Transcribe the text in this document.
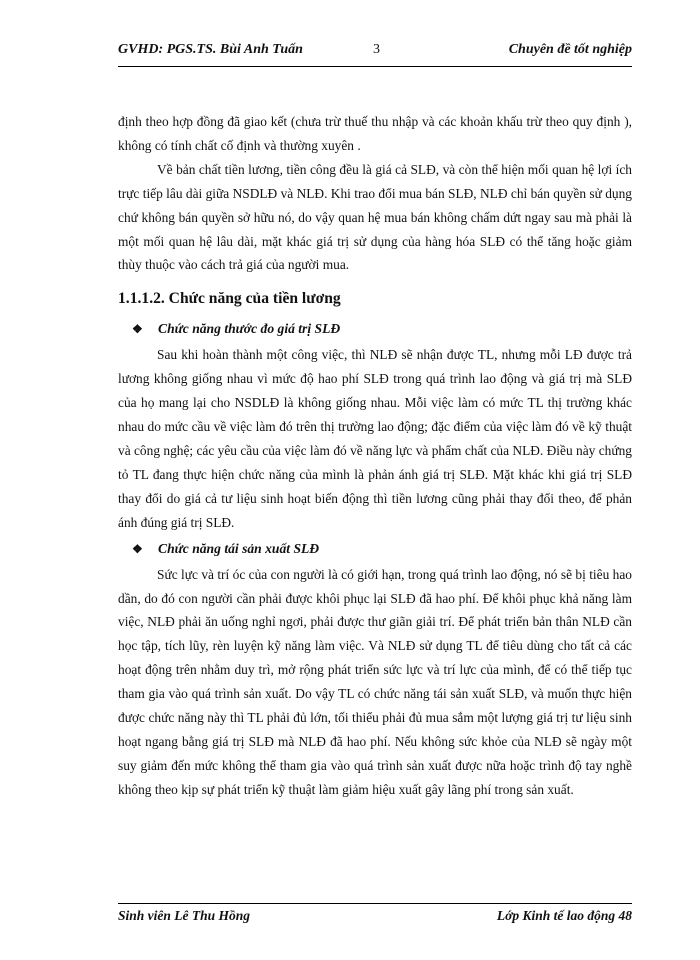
GVHD: PGS.TS. Bùi Anh Tuấn	3	Chuyên đề tốt nghiệp

định theo hợp đồng đã giao kết (chưa trừ thuế thu nhập và các khoản khấu trừ theo quy định ), không có tính chất cố định và thường xuyên .

Về bản chất tiền lương, tiền công đều là giá cả SLĐ, và còn thể hiện mối quan hệ lợi ích trực tiếp lâu dài giữa NSDLĐ và NLĐ. Khi trao đổi mua bán SLĐ, NLĐ chỉ bán quyền sử dụng chứ không bán quyền sở hữu nó, do vậy quan hệ mua bán không chấm dứt ngay sau mà phải là một mối quan hệ lâu dài, mặt khác giá trị sử dụng của hàng hóa SLĐ có thể tăng hoặc giảm thùy thuộc vào cách trả giá của người mua.

1.1.1.2. Chức năng của tiền lương
❖ Chức năng thước đo giá trị SLĐ

Sau khi hoàn thành một công việc, thì NLĐ sẽ nhận được TL, nhưng mỗi LĐ được trả lương không giống nhau vì mức độ hao phí SLĐ trong quá trình lao động và giá trị mà SLĐ của họ mang lại cho NSDLĐ là không giống nhau. Mỗi việc làm có mức TL thị trường khác nhau do mức cầu về việc làm đó trên thị trường lao động; đặc điểm của việc làm đó về kỹ thuật và công nghệ; các yêu cầu của việc làm đó về năng lực và phẩm chất của NLĐ. Điều này chứng tỏ TL đang thực hiện chức năng của mình là phản ánh giá trị SLĐ. Mặt khác khi giá trị SLĐ thay đổi do giá cả tư liệu sinh hoạt biến động thì tiền lương cũng phải thay đổi theo, để phản ánh đúng giá trị SLĐ.

❖ Chức năng tái sản xuất SLĐ

Sức lực và trí óc của con người là có giới hạn, trong quá trình lao động, nó sẽ bị tiêu hao dần, do đó con người cần phải được khôi phục lại SLĐ đã hao phí. Để khôi phục khả năng làm việc, NLĐ phải ăn uống nghỉ ngơi, phải được thư giãn giải trí. Để phát triển bản thân NLĐ cần học tập, tích lũy, rèn luyện kỹ năng làm việc. Và NLĐ sử dụng TL để tiêu dùng cho tất cả các hoạt động trên nhằm duy trì, mở rộng phát triển sức lực và trí lực của mình, để có thể tiếp tục tham gia vào quá trình sản xuất. Do vậy TL có chức năng tái sản xuất SLĐ, và muốn thực hiện được chức năng này thì TL phải đủ lớn, tối thiểu phải đủ mua sắm một lượng giá trị tư liệu sinh hoạt ngang bằng giá trị SLĐ mà NLĐ đã hao phí. Nếu không sức khỏe của NLĐ sẽ ngày một suy giảm đến mức không thể tham gia vào quá trình sản xuất được nữa hoặc trình độ tay nghề không theo kịp sự phát triển kỹ thuật làm giảm hiệu xuất gây lãng phí trong sản xuất.

Sinh viên Lê Thu Hồng	Lớp Kinh tế lao động 48
